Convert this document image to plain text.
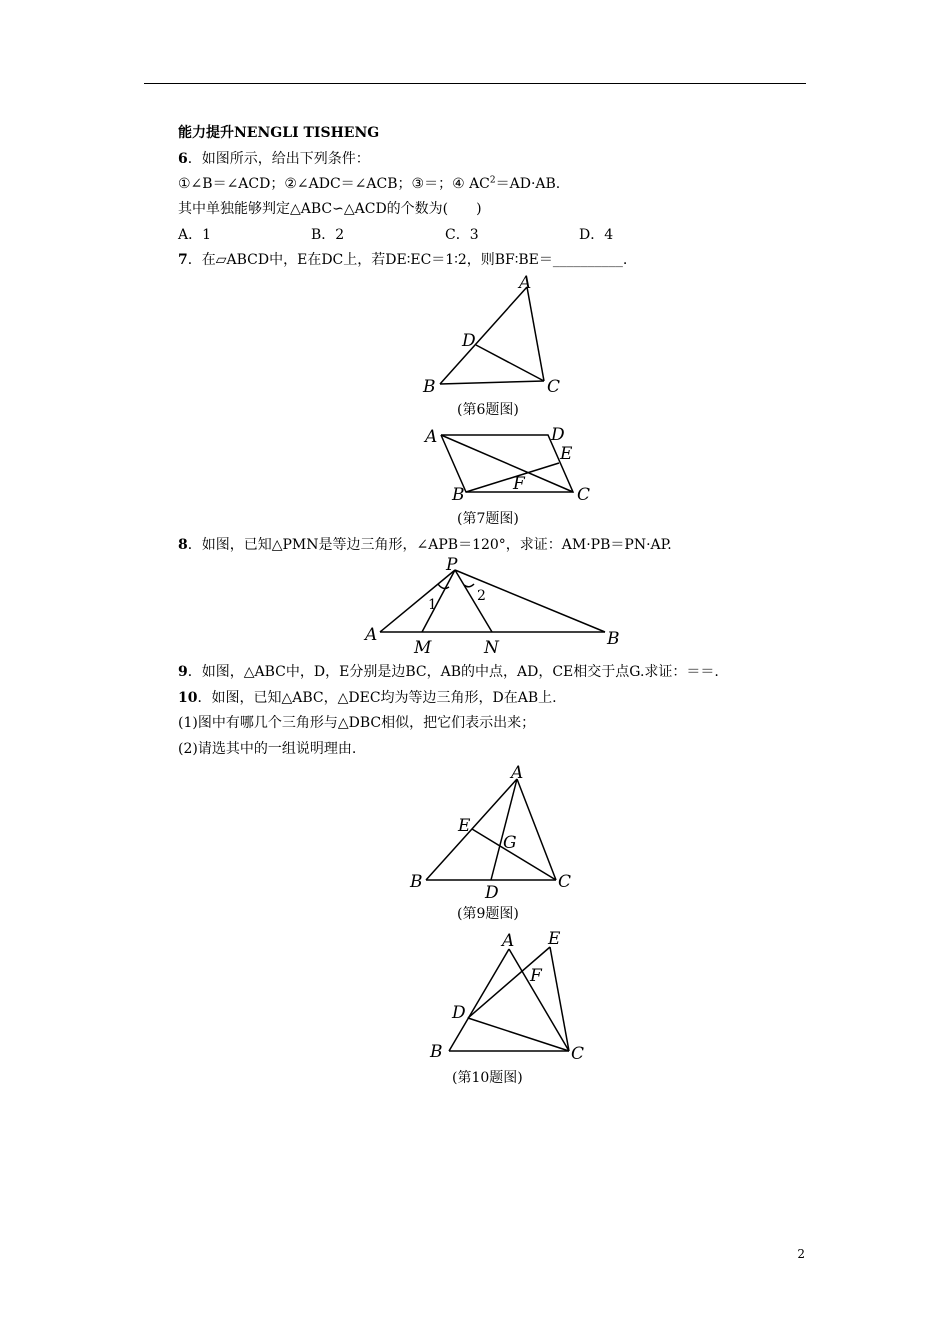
能力提升NENGLI TISHENG
6．如图所示，给出下列条件：
①∠B＝∠ACD；②∠ADC＝∠ACB；③＝；④ $AC^2=AD\cdot AB$.
其中单独能够判定△ABC∽△ACD的个数为(　　)
A．1	B．2	C．3	D．4
7．在▱ABCD中，E在DC上，若DE∶EC＝1∶2，则BF∶BE＝__________.
A
D
B	C
(第6题图)
A	D
E
F
B	C
(第7题图)
8．如图，已知△PMN是等边三角形，∠APB＝120°，求证：AM·PB＝PN·AP.
P
1
2
A
M	N	B
9．如图，△ABC中，D，E分别是边BC，AB的中点，AD，CE相交于点G.求证：＝＝.
10．如图，已知△ABC，△DEC均为等边三角形，D在AB上.
(1)图中有哪几个三角形与△DBC相似，把它们表示出来；
(2)请选其中的一组说明理由.
A
E
G
B
D
C
(第9题图)
A E
F
D
B	C
(第10题图)
2
